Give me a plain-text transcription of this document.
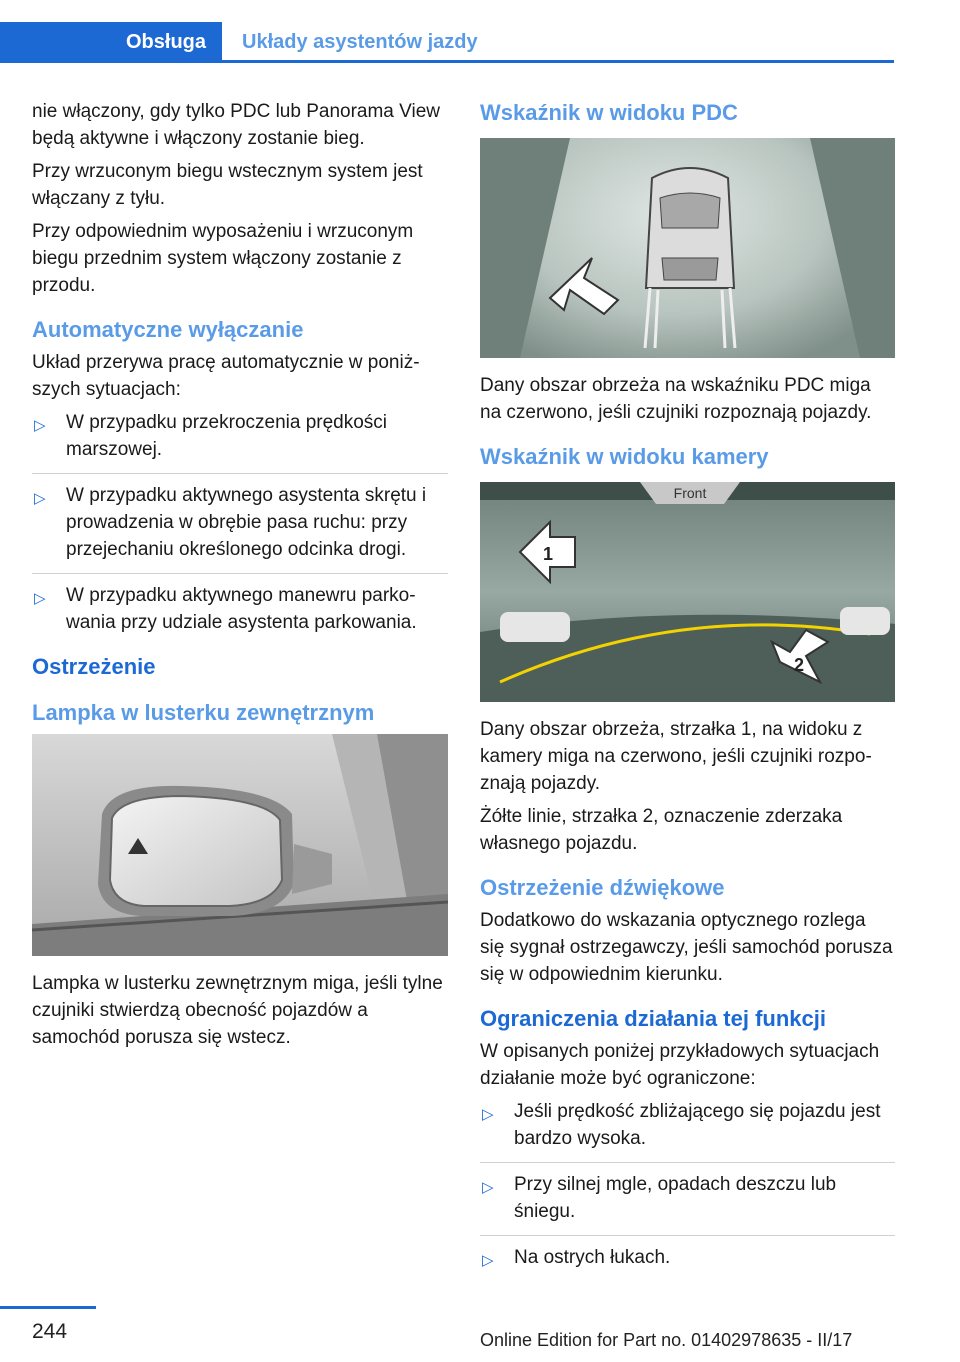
Obsługa Układy asystentów jazdy

nie włączony, gdy tylko PDC lub Panorama View będą aktywne i włączony zostanie bieg.

Przy wrzuconym biegu wstecznym system jest włączany z tyłu.

Przy odpowiednim wyposażeniu i wrzuconym biegu przednim system włączony zostanie z przodu.

Automatyczne wyłączanie

Układ przerywa pracę automatycznie w poniższych sytuacjach:

▷ W przypadku przekroczenia prędkości marszowej.
▷ W przypadku aktywnego asystenta skrętu i prowadzenia w obrębie pasa ruchu: przy przejechaniu określonego odcinka drogi.
▷ W przypadku aktywnego manewru parkowania przy udziale asystenta parkowania.
Ostrzeżenie
Lampka w lusterku zewnętrznym

Lampka w lusterku zewnętrznym miga, jeśli tylne czujniki stwierdzą obecność pojazdów a samochód porusza się wstecz.

Wskaźnik w widoku PDC

Dany obszar obrzeża na wskaźniku PDC miga na czerwono, jeśli czujniki rozpoznają pojazdy.

Wskaźnik w widoku kamery
Front
1
2

Dany obszar obrzeża, strzałka 1, na widoku z kamery miga na czerwono, jeśli czujniki rozpoznają pojazdy.

Żółte linie, strzałka 2, oznaczenie zderzaka własnego pojazdu.

Ostrzeżenie dźwiękowe

Dodatkowo do wskazania optycznego rozlega się sygnał ostrzegawczy, jeśli samochód porusza się w odpowiednim kierunku.

Ograniczenia działania tej funkcji

W opisanych poniżej przykładowych sytuacjach działanie może być ograniczone:

▷ Jeśli prędkość zbliżającego się pojazdu jest bardzo wysoka.
▷ Przy silnej mgle, opadach deszczu lub śniegu.
▷ Na ostrych łukach.
244	Online Edition for Part no. 01402978635 - II/17
